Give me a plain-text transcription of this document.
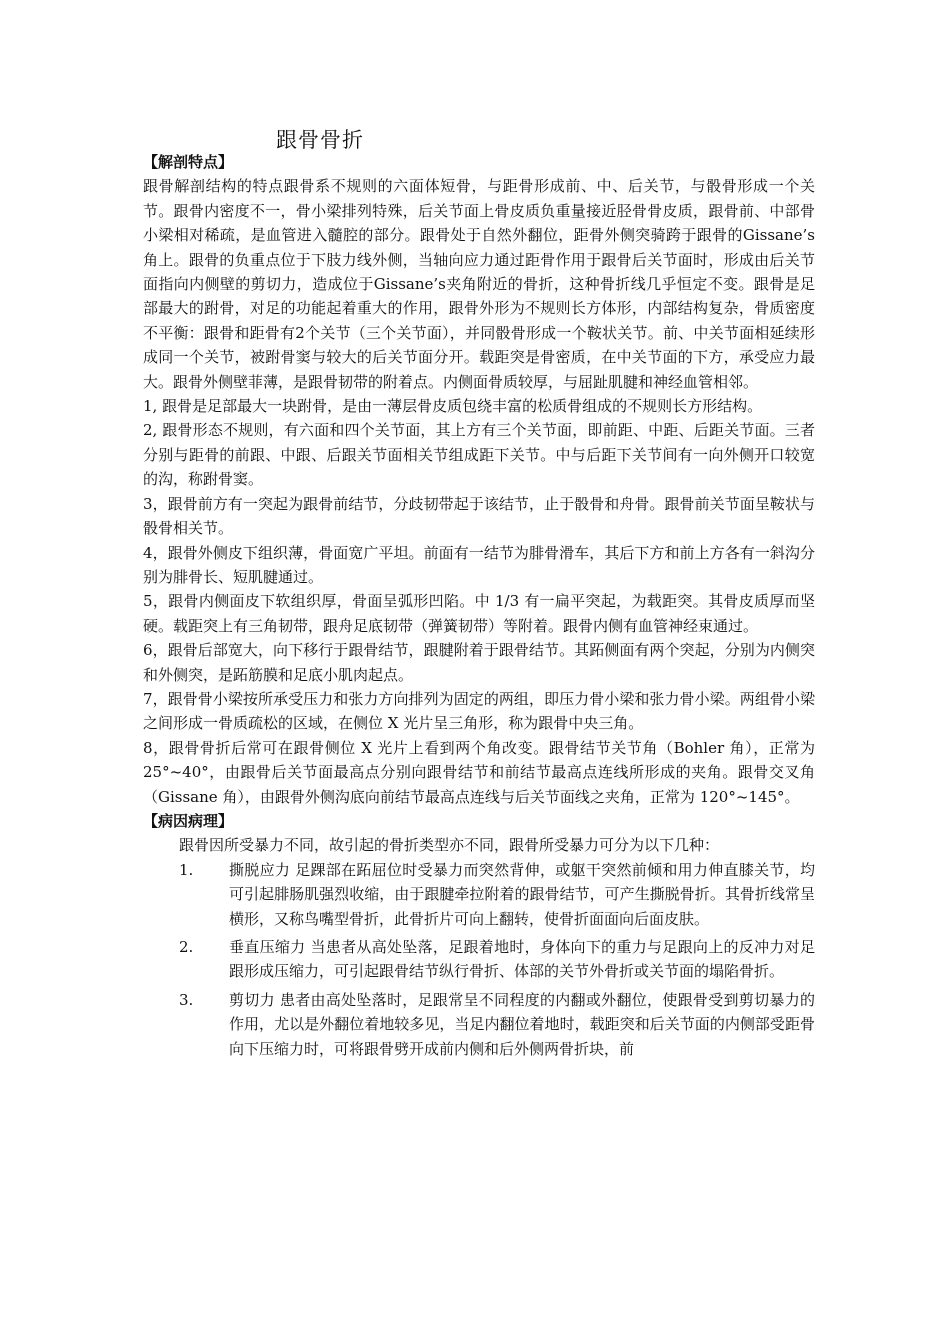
跟骨骨折

【解剖特点】

跟骨解剖结构的特点跟骨系不规则的六面体短骨，与距骨形成前、中、后关节，与骰骨形成一个关节。跟骨内密度不一，骨小梁排列特殊，后关节面上骨皮质负重量接近胫骨骨皮质，跟骨前、中部骨小梁相对稀疏，是血管进入髓腔的部分。跟骨处于自然外翻位，距骨外侧突骑跨于跟骨的Gissane’s角上。跟骨的负重点位于下肢力线外侧，当轴向应力通过距骨作用于跟骨后关节面时，形成由后关节面指向内侧壁的剪切力，造成位于Gissane’s夹角附近的骨折，这种骨折线几乎恒定不变。跟骨是足部最大的跗骨，对足的功能起着重大的作用，跟骨外形为不规则长方体形，内部结构复杂，骨质密度不平衡：跟骨和距骨有2个关节（三个关节面），并同骰骨形成一个鞍状关节。前、中关节面相延续形成同一个关节，被跗骨窦与较大的后关节面分开。载距突是骨密质，在中关节面的下方，承受应力最大。跟骨外侧壁菲薄，是跟骨韧带的附着点。内侧面骨质较厚，与屈趾肌腱和神经血管相邻。

1, 跟骨是足部最大一块跗骨，是由一薄层骨皮质包绕丰富的松质骨组成的不规则长方形结构。

2, 跟骨形态不规则，有六面和四个关节面，其上方有三个关节面，即前距、中距、后距关节面。三者分别与距骨的前跟、中跟、后跟关节面相关节组成距下关节。中与后距下关节间有一向外侧开口较宽的沟，称跗骨窦。

3，跟骨前方有一突起为跟骨前结节，分歧韧带起于该结节，止于骰骨和舟骨。跟骨前关节面呈鞍状与骰骨相关节。

4，跟骨外侧皮下组织薄，骨面宽广平坦。前面有一结节为腓骨滑车，其后下方和前上方各有一斜沟分别为腓骨长、短肌腱通过。

5，跟骨内侧面皮下软组织厚，骨面呈弧形凹陷。中 1/3 有一扁平突起，为载距突。其骨皮质厚而坚硬。载距突上有三角韧带，跟舟足底韧带（弹簧韧带）等附着。跟骨内侧有血管神经束通过。

6，跟骨后部宽大，向下移行于跟骨结节，跟腱附着于跟骨结节。其跖侧面有两个突起，分别为内侧突和外侧突，是跖筋膜和足底小肌肉起点。

7，跟骨骨小梁按所承受压力和张力方向排列为固定的两组，即压力骨小梁和张力骨小梁。两组骨小梁之间形成一骨质疏松的区域，在侧位 X 光片呈三角形，称为跟骨中央三角。

8，跟骨骨折后常可在跟骨侧位 X 光片上看到两个角改变。跟骨结节关节角（Bohler 角），正常为 25°~40°，由跟骨后关节面最高点分别向跟骨结节和前结节最高点连线所形成的夹角。跟骨交叉角（Gissane 角），由跟骨外侧沟底向前结节最高点连线与后关节面线之夹角，正常为 120°~145°。

【病因病理】

跟骨因所受暴力不同，故引起的骨折类型亦不同，跟骨所受暴力可分为以下几种：

1.	撕脱应力 足踝部在跖屈位时受暴力而突然背伸，或躯干突然前倾和用力伸直膝关节，均可引起腓肠肌强烈收缩，由于跟腱牵拉附着的跟骨结节，可产生撕脱骨折。其骨折线常呈横形，又称鸟嘴型骨折，此骨折片可向上翻转，使骨折面面向后面皮肤。
2.	垂直压缩力 当患者从高处坠落，足跟着地时，身体向下的重力与足跟向上的反冲力对足跟形成压缩力，可引起跟骨结节纵行骨折、体部的关节外骨折或关节面的塌陷骨折。
3.	剪切力 患者由高处坠落时，足跟常呈不同程度的内翻或外翻位，使跟骨受到剪切暴力的作用，尤以是外翻位着地较多见，当足内翻位着地时，载距突和后关节面的内侧部受距骨向下压缩力时，可将跟骨劈开成前内侧和后外侧两骨折块，前
